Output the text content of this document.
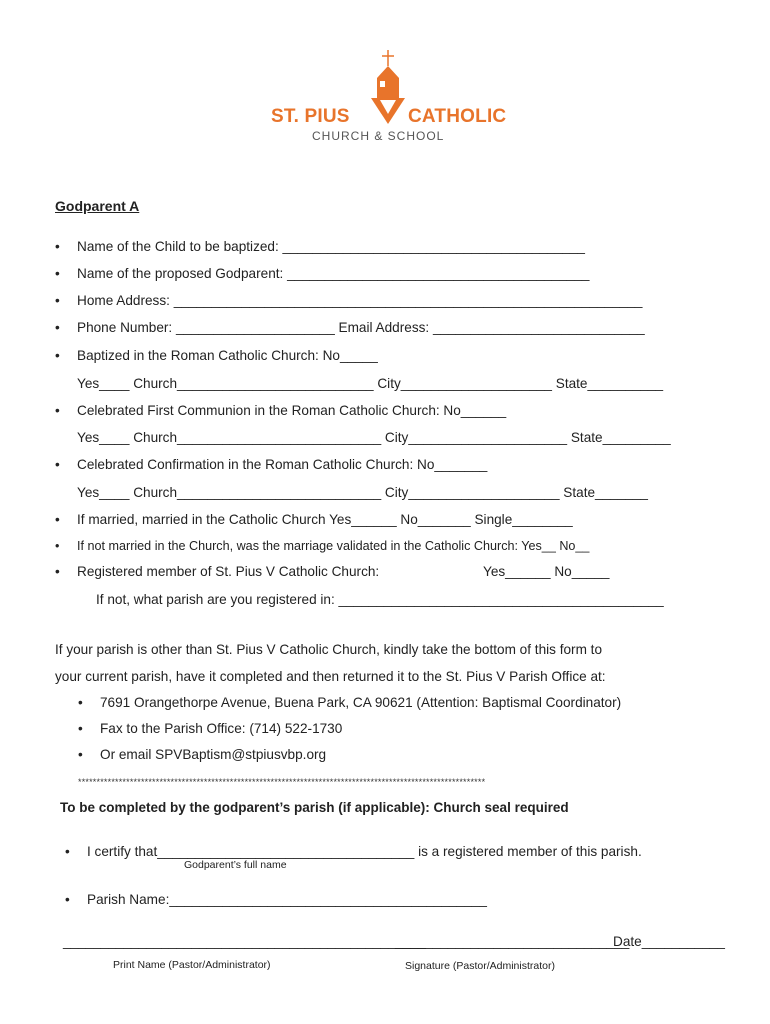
ST. PIUS	CATHOLIC
CHURCH & SCHOOL
Godparent A
• Name of the Child to be baptized: ________________________________________
• Name of the proposed Godparent: ________________________________________
• Home Address: ______________________________________________________________
• Phone Number: _____________________ Email Address: ____________________________
• Baptized in the Roman Catholic Church: No_____
Yes____ Church__________________________ City____________________ State__________
• Celebrated First Communion in the Roman Catholic Church: No______
Yes____ Church___________________________ City_____________________ State_________
• Celebrated Confirmation in the Roman Catholic Church: No_______
Yes____ Church___________________________ City____________________ State_______
• If married, married in the Catholic Church Yes______ No_______ Single________
• If not married in the Church, was the marriage validated in the Catholic Church: Yes__ No__
• Registered member of St. Pius V Catholic Church:	Yes______ No_____
If not, what parish are you registered in: ___________________________________________
If your parish is other than St. Pius V Catholic Church, kindly take the bottom of this form to
your current parish, have it completed and then returned it to the St. Pius V Parish Office at:
• 7691 Orangethorpe Avenue, Buena Park, CA 90621 (Attention: Baptismal Coordinator)
• Fax to the Parish Office: (714) 522-1730
• Or email SPVBaptism@stpiusvbp.org
**************************************************************************************************************
To be completed by the godparent’s parish (if applicable): Church seal required
• I certify that__________________________________ is a registered member of this parish.
Godparent’s full name
• Parish Name:__________________________________________
________________________________________________
_______________________________
Date___________
Print Name (Pastor/Administrator)	Signature (Pastor/Administrator)
